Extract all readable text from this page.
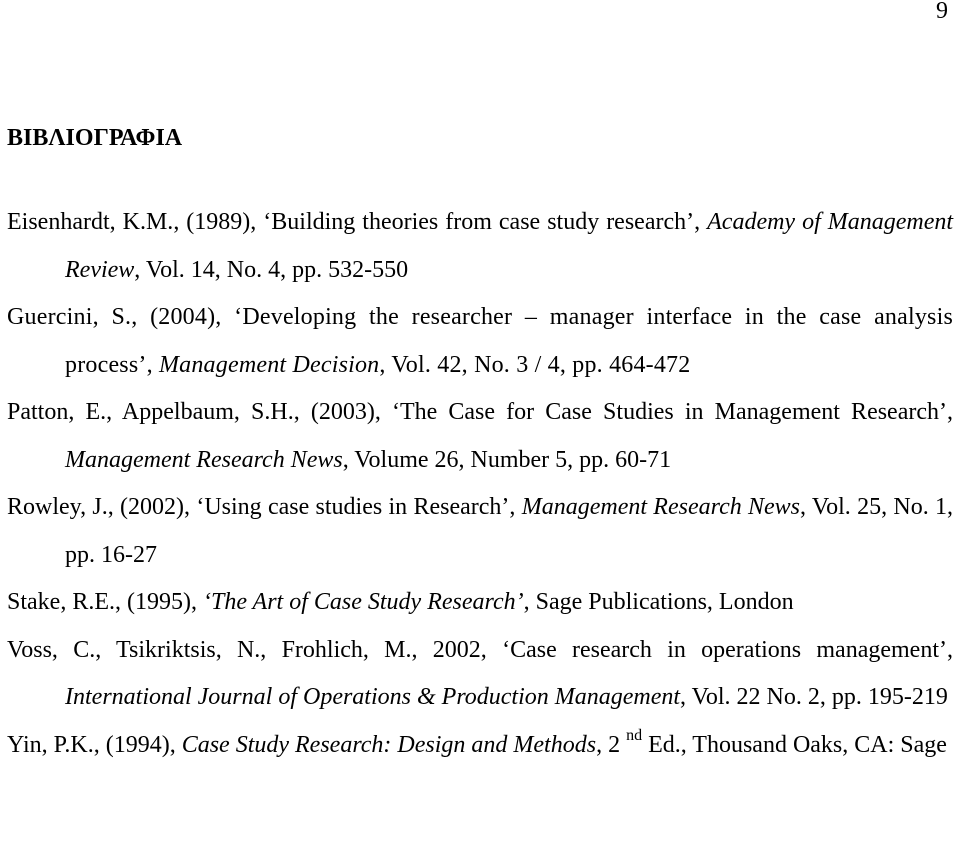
9
ΒΙΒΛΙΟΓΡΑΦΙΑ
Eisenhardt, K.M., (1989), ‘Building theories from case study research’, Academy of Management Review, Vol. 14, No. 4, pp. 532-550
Guercini, S., (2004), ‘Developing the researcher – manager interface in the case analysis process’, Management Decision, Vol. 42, No. 3 / 4, pp. 464-472
Patton, E., Appelbaum, S.H., (2003), ‘The Case for Case Studies in Management Research’, Management Research News, Volume 26, Number 5, pp. 60-71
Rowley, J., (2002), ‘Using case studies in Research’, Management Research News, Vol. 25, No. 1, pp. 16-27
Stake, R.E., (1995), ‘The Art of Case Study Research’, Sage Publications, London
Voss, C., Tsikriktsis, N., Frohlich, M., 2002, ‘Case research in operations management’, International Journal of Operations & Production Management, Vol. 22 No. 2, pp. 195-219
Yin, P.K., (1994), Case Study Research: Design and Methods, 2 $^{nd}$ Ed., Thousand Oaks, CA: Sage
